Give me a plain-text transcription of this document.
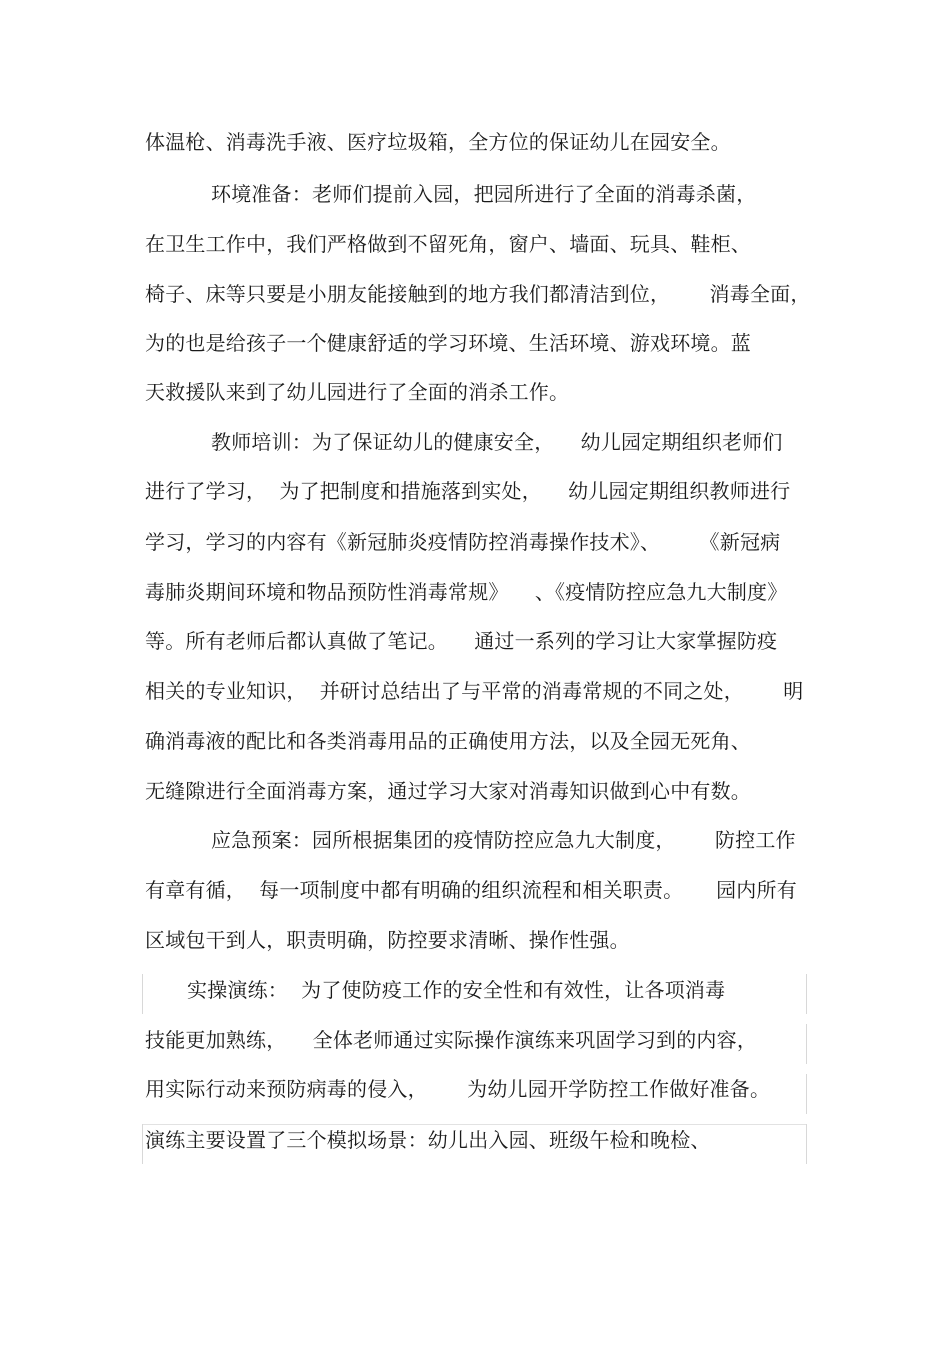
体温枪、消毒洗手液、医疗垃圾箱，全方位的保证幼儿在园安全。
环境准备：老师们提前入园，把园所进行了全面的消毒杀菌，
在卫生工作中，我们严格做到不留死角，窗户、墙面、玩具、鞋柜、
椅子、床等只要是小朋友能接触到的地方我们都清洁到位，      消毒全面，
为的也是给孩子一个健康舒适的学习环境、生活环境、游戏环境。蓝
天救援队来到了幼儿园进行了全面的消杀工作。
教师培训：为了保证幼儿的健康安全，    幼儿园定期组织老师们
进行了学习，  为了把制度和措施落到实处，    幼儿园定期组织教师进行
学习，学习的内容有《新冠肺炎疫情防控消毒操作技术》、      《新冠病
毒肺炎期间环境和物品预防性消毒常规》    、《疫情防控应急九大制度》
等。所有老师后都认真做了笔记。    通过一系列的学习让大家掌握防疫
相关的专业知识，  并研讨总结出了与平常的消毒常规的不同之处，      明
确消毒液的配比和各类消毒用品的正确使用方法，以及全园无死角、
无缝隙进行全面消毒方案，通过学习大家对消毒知识做到心中有数。
应急预案：园所根据集团的疫情防控应急九大制度，      防控工作
有章有循，  每一项制度中都有明确的组织流程和相关职责。     园内所有
区域包干到人，职责明确，防控要求清晰、操作性强。
实操演练：  为了使防疫工作的安全性和有效性，让各项消毒
技能更加熟练，    全体老师通过实际操作演练来巩固学习到的内容，
用实际行动来预防病毒的侵入，      为幼儿园开学防控工作做好准备。
演练主要设置了三个模拟场景：幼儿出入园、班级午检和晚检、
